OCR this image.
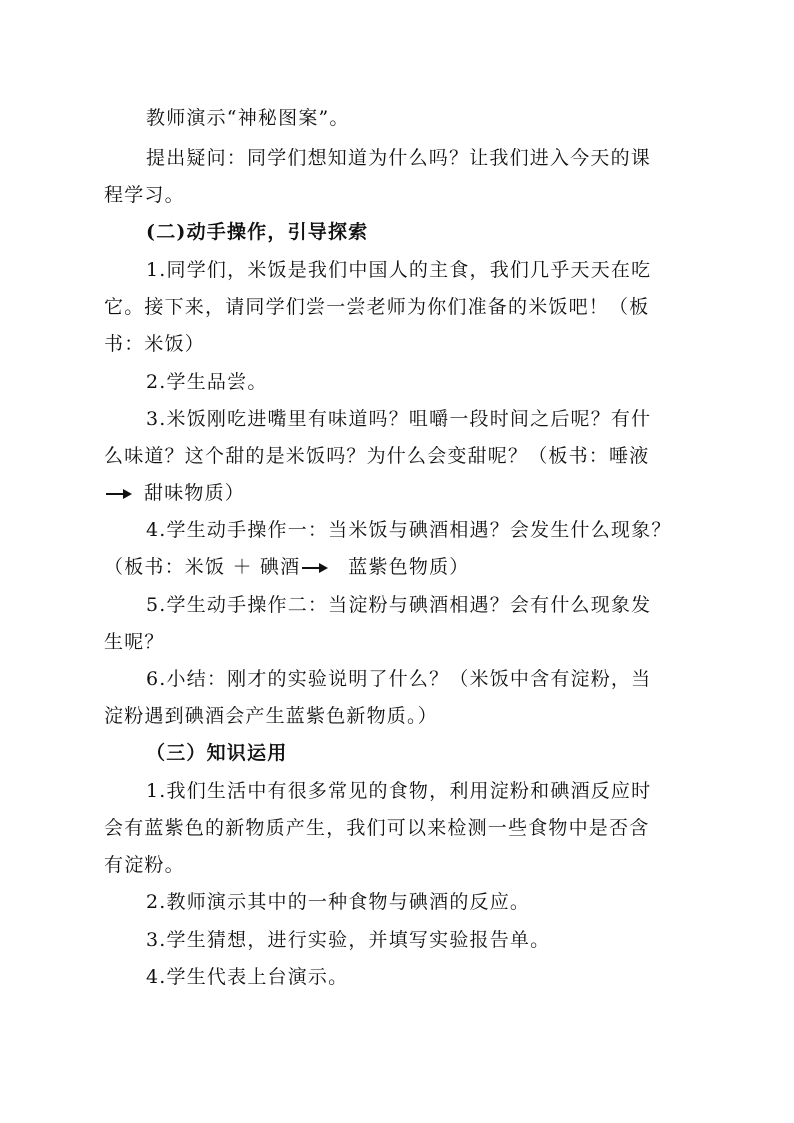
教师演示“神秘图案”。
提出疑问：同学们想知道为什么吗？让我们进入今天的课
程学习。
(二)动手操作，引导探索
1.同学们，米饭是我们中国人的主食，我们几乎天天在吃
它。接下来，请同学们尝一尝老师为你们准备的米饭吧！（板
书：米饭）
2.学生品尝。
3.米饭刚吃进嘴里有味道吗？咀嚼一段时间之后呢？有什
么味道？这个甜的是米饭吗？为什么会变甜呢？（板书：唾液
甜味物质）
4.学生动手操作一：当米饭与碘酒相遇？会发生什么现象？
（板书：米饭 ＋ 碘酒	蓝紫色物质）
5.学生动手操作二：当淀粉与碘酒相遇？会有什么现象发
生呢？
6.小结：刚才的实验说明了什么？（米饭中含有淀粉，当
淀粉遇到碘酒会产生蓝紫色新物质。）
（三）知识运用
1.我们生活中有很多常见的食物，利用淀粉和碘酒反应时
会有蓝紫色的新物质产生，我们可以来检测一些食物中是否含
有淀粉。
2.教师演示其中的一种食物与碘酒的反应。
3.学生猜想，进行实验，并填写实验报告单。
4.学生代表上台演示。
